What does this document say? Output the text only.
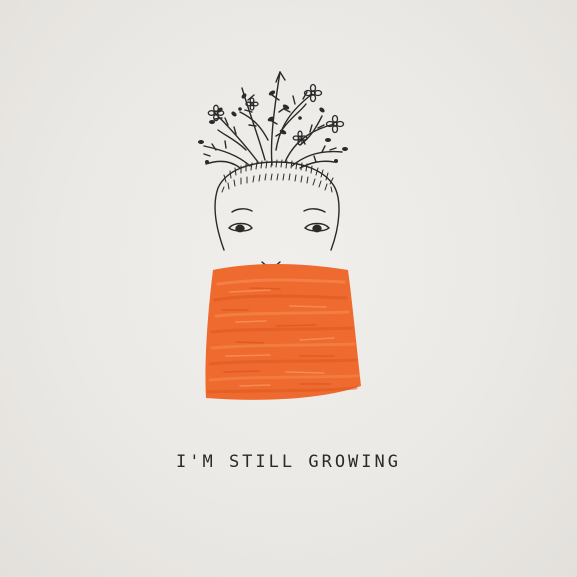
I'M STILL GROWING
